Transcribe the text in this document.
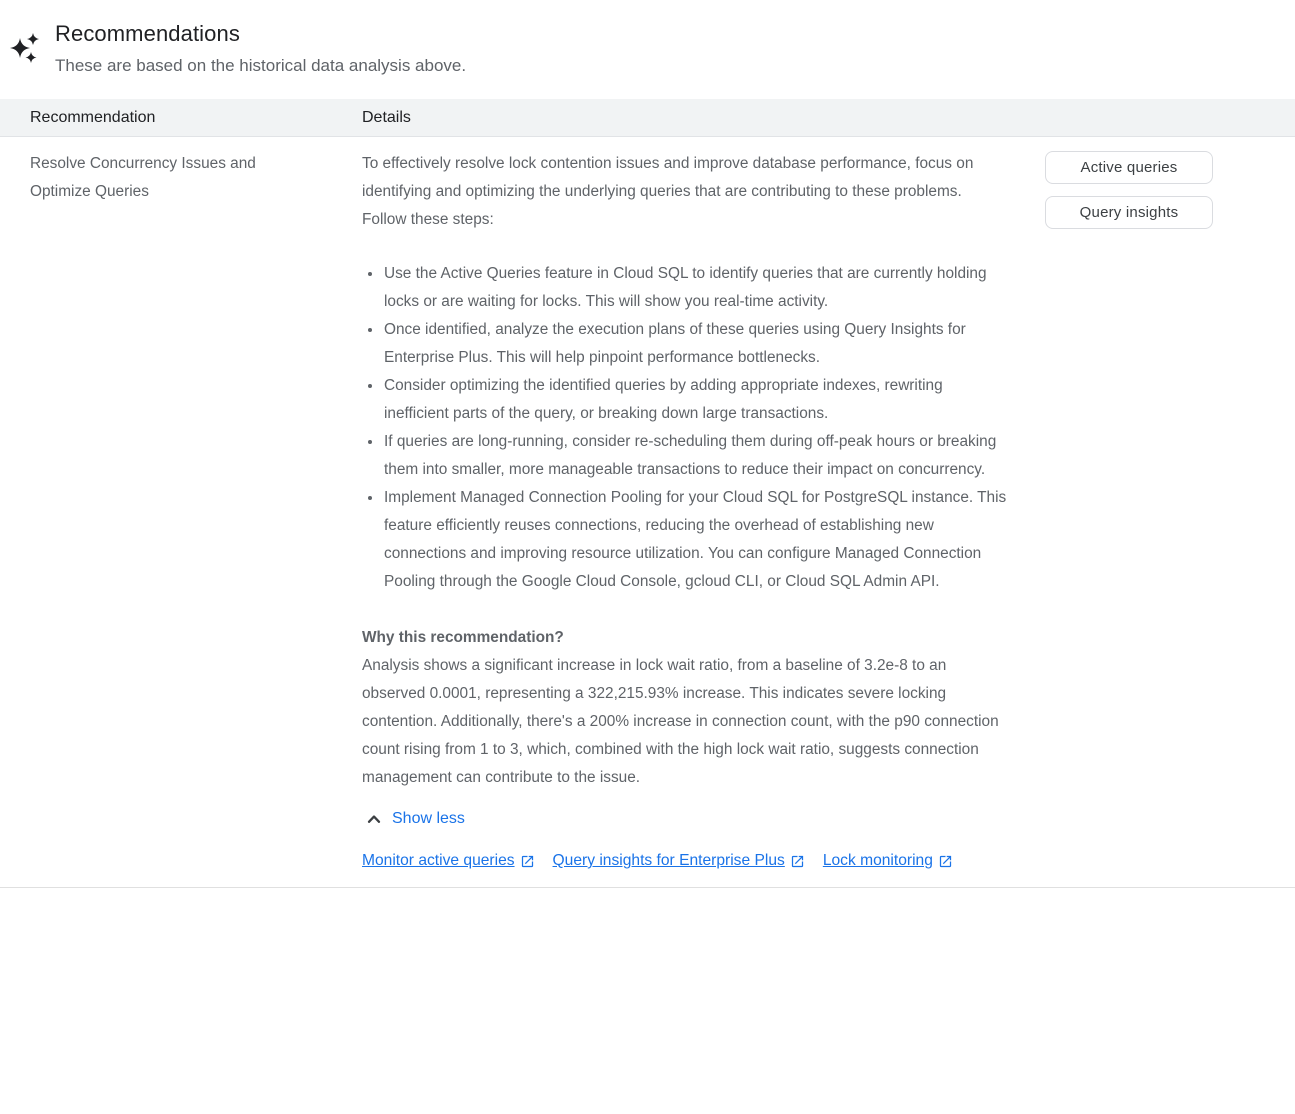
Recommendations

These are based on the historical data analysis above.

Recommendation	Details
Resolve Concurrency Issues and Optimize Queries

To effectively resolve lock contention issues and improve database performance, focus on identifying and optimizing the underlying queries that are contributing to these problems. Follow these steps:

• Use the Active Queries feature in Cloud SQL to identify queries that are currently holding locks or are waiting for locks. This will show you real-time activity.
• Once identified, analyze the execution plans of these queries using Query Insights for Enterprise Plus. This will help pinpoint performance bottlenecks.
• Consider optimizing the identified queries by adding appropriate indexes, rewriting inefficient parts of the query, or breaking down large transactions.
• If queries are long-running, consider re-scheduling them during off-peak hours or breaking them into smaller, more manageable transactions to reduce their impact on concurrency.
• Implement Managed Connection Pooling for your Cloud SQL for PostgreSQL instance. This feature efficiently reuses connections, reducing the overhead of establishing new connections and improving resource utilization. You can configure Managed Connection Pooling through the Google Cloud Console, gcloud CLI, or Cloud SQL Admin API.

Why this recommendation?

Analysis shows a significant increase in lock wait ratio, from a baseline of 3.2e-8 to an observed 0.0001, representing a 322,215.93% increase. This indicates severe locking contention. Additionally, there's a 200% increase in connection count, with the p90 connection count rising from 1 to 3, which, combined with the high lock wait ratio, suggests connection management can contribute to the issue.

Show less
Monitor active queries Query insights for Enterprise Plus Lock monitoring
Active queries
Query insights
